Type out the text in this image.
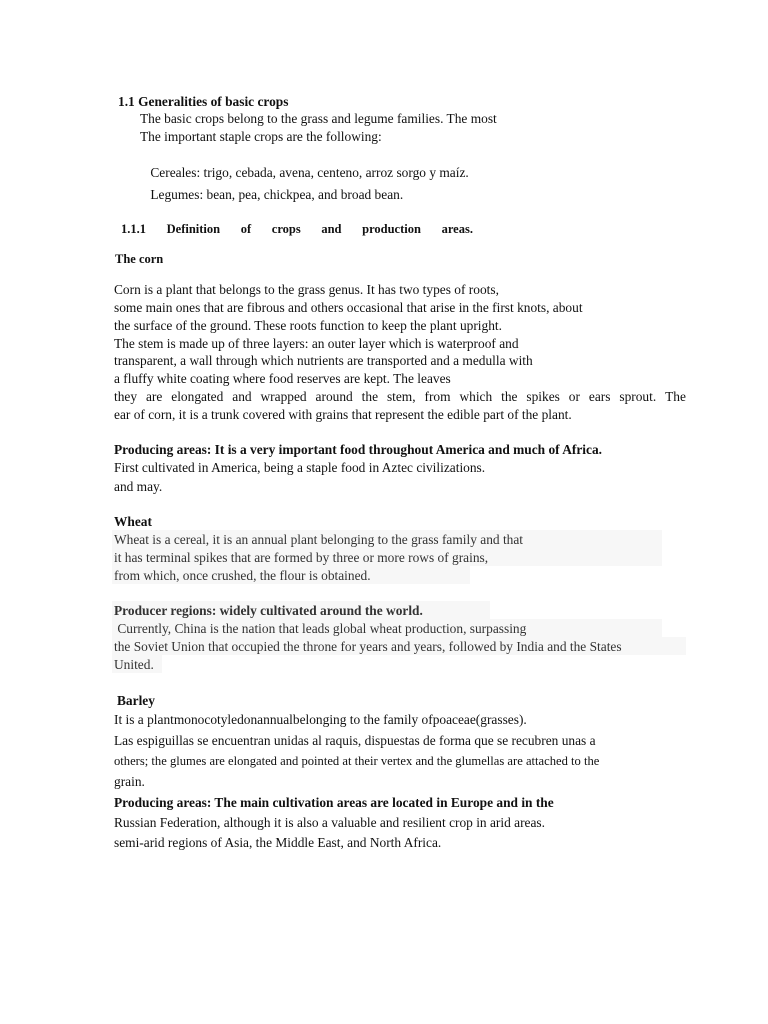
1.1 Generalities of basic crops
The basic crops belong to the grass and legume families. The most
The important staple crops are the following:
Cereales: trigo, cebada, avena, centeno, arroz sorgo y maíz.
Legumes: bean, pea, chickpea, and broad bean.
1.1.1 Definition of crops and production areas.
The corn
Corn is a plant that belongs to the grass genus. It has two types of roots,
some main ones that are fibrous and others occasional that arise in the first knots, about
the surface of the ground. These roots function to keep the plant upright.
The stem is made up of three layers: an outer layer which is waterproof and
transparent, a wall through which nutrients are transported and a medulla with
a fluffy white coating where food reserves are kept. The leaves
they are elongated and wrapped around the stem, from which the spikes or ears sprout. The
ear of corn, it is a trunk covered with grains that represent the edible part of the plant.
Producing areas: It is a very important food throughout America and much of Africa.
First cultivated in America, being a staple food in Aztec civilizations.
and may.
Wheat
Wheat is a cereal, it is an annual plant belonging to the grass family and that
it has terminal spikes that are formed by three or more rows of grains,
from which, once crushed, the flour is obtained.
Producer regions: widely cultivated around the world.
Currently, China is the nation that leads global wheat production, surpassing
the Soviet Union that occupied the throne for years and years, followed by India and the States
United.
Barley
It is a plantmonocotyledonannualbelonging to the family ofpoaceae(grasses).
Las espiguillas se encuentran unidas al raquis, dispuestas de forma que se recubren unas a
others; the glumes are elongated and pointed at their vertex and the glumellas are attached to the
grain.
Producing areas: The main cultivation areas are located in Europe and in the
Russian Federation, although it is also a valuable and resilient crop in arid areas.
semi-arid regions of Asia, the Middle East, and North Africa.
